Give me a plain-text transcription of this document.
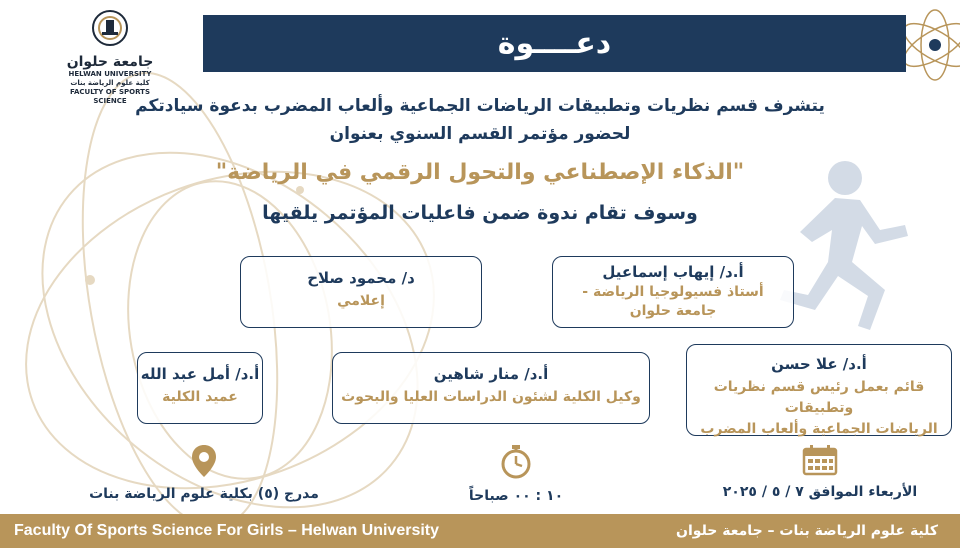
جامعة حلوان
HELWAN UNIVERSITY
كلية علوم الرياضة بنات
FACULTY OF SPORTS SCIENCE
دعــــوة
يتشرف قسم نظريات وتطبيقات الرياضات الجماعية وألعاب المضرب بدعوة سيادتكم
لحضور مؤتمر القسم السنوي بعنوان
"الذكاء الإصطناعي والتحول الرقمي في الرياضة"
وسوف تقام ندوة ضمن فاعليات المؤتمر يلقيها
أ.د/ إيهاب إسماعيل
أستاذ فسيولوجيا الرياضة -
جامعة حلوان
د/ محمود صلاح
إعلامي
أ.د/ علا حسن
قائم بعمل رئيس قسم نظريات وتطبيقات
الرياضات الجماعية وألعاب المضرب
أ.د/ منار شاهين
وكيل الكلية لشئون الدراسات العليا والبحوث
أ.د/ أمل عبد الله
عميد الكلية
الأربعاء الموافق ٧ / ٥ / ٢٠٢٥
١٠ : ٠٠ صباحاً
مدرج (٥) بكلية علوم الرياضة بنات
Faculty Of Sports Science For Girls – Helwan University	كلية علوم الرياضة بنات – جامعة حلوان
